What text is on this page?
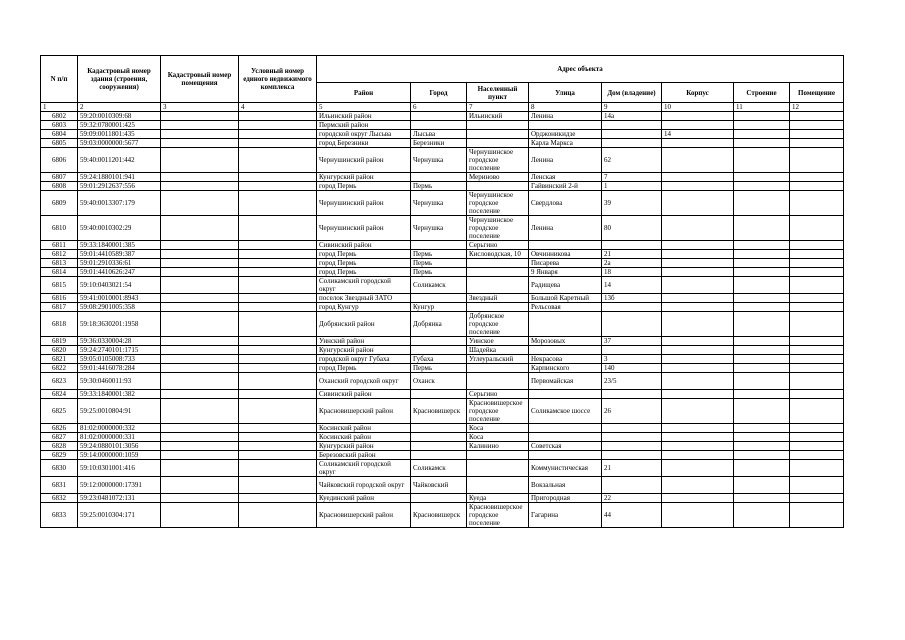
N п/п	Кадастровый номер здания (строения, сооружения)	Кадастровый номер помещения	Условный номер единого недвижимого комплекса	Адрес объекта							
				Район	Город	Населенный пункт	Улица	Дом (владение)	Корпус	Строение	Помещение
1	2	3	4	5	6	7	8	9	10	11	12
6802	59:20:0010309:68			Ильинский район		Ильинский	Ленина	14а			
6803	59:32:0780001:425			Пермский район							
6804	59:09:0011801:435			городской округ Лысьва	Лысьва		Орджоникидзе		14		
6805	59:03:0000000:5677			город Березники	Березники		Карла Маркса				
6806	59:40:0011201:442			Чернушинский район	Чернушка	Чернушинское городское поселение	Ленина	62			
6807	59:24:1880101:941			Кунгурский район		Мериново	Ленская	7			
6808	59:01:2912637:556			город Пермь	Пермь		Гайвинский 2-й	1			
6809	59:40:0013307:179			Чернушинский район	Чернушка	Чернушинское городское поселение	Свердлова	39			
6810	59:40:0010302:29			Чернушинский район	Чернушка	Чернушинское городское поселение	Ленина	80			
6811	59:33:1840001:385			Сивинский район		Серьгино					
6812	59:01:4410589:387			город Пермь	Пермь	Кисловодская, 10	Овчинникова	21			
6813	59:01:2910336:61			город Пермь	Пермь		Писарева	2а			
6814	59:01:4410626:247			город Пермь	Пермь		9 Января	18			
6815	59:10:0403021:54			Соликамский городской округ	Соликамск		Радищева	14			
6816	59:41:0010001:8943			поселок Звездный ЗАТО		Звездный	Большой Каретный	13б			
6817	59:08:2901005:358			город Кунгур	Кунгур		Рельсовая				
6818	59:18:3630201:1958			Добрянский район	Добрянка	Добрянское городское поселение					
6819	59:36:0330004:28			Уинский район		Уинское	Морозовых	37			
6820	59:24:2740101:1715			Кунгурский район		Шадейка					
6821	59:05:0105008:733			городской округ Губаха	Губаха	Углеуральский	Некрасова	3			
6822	59:01:4416078:284			город Пермь	Пермь		Карпинского	140			
6823	59:30:0460011:93			Оханский городской округ	Оханск		Первомайская	23/5			
6824	59:33:1840001:382			Сивинский район		Серьгино					
6825	59:25:0010804:91			Красновишерский район	Красновишерск	Красновишерское городское поселение	Соликамское шоссе	26			
6826	81:02:0000000:332			Косинский район		Коса					
6827	81:02:0000000:331			Косинский район		Коса					
6828	59:24:0880101:3056			Кунгурский район		Калинино	Советская				
6829	59:14:0000000:1059			Березовский район							
6830	59:10:0301001:416			Соликамский городской округ	Соликамск		Коммунистическая	21			
6831	59:12:0000000:17391			Чайковский городской округ	Чайковский		Вокзальная				
6832	59:23:0481072:131			Куединский район		Куеда	Пригородная	22			
6833	59:25:0010304:171			Красновишерский район	Красновишерск	Красновишерское городское поселение	Гагарина	44			
